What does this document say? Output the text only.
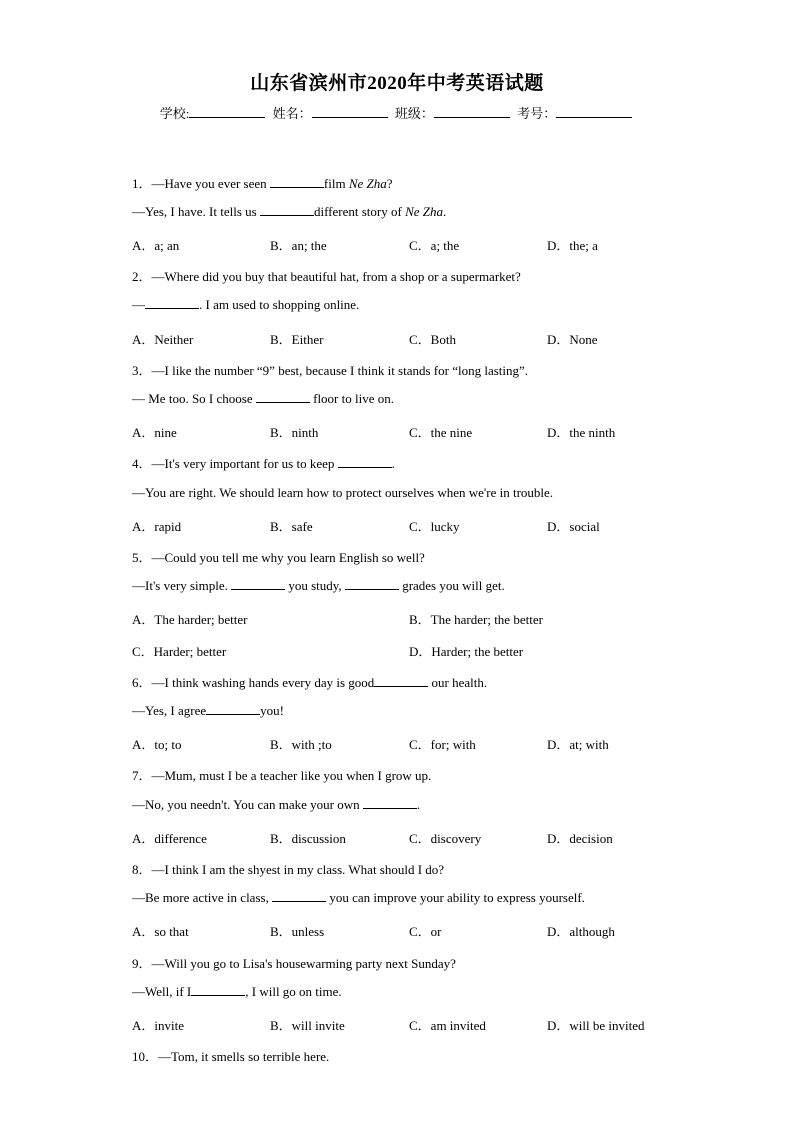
山东省滨州市2020年中考英语试题
学校:	姓名：	班级：	考号：
1．—Have you ever seen	film Ne Zha?
—Yes, I have. It tells us	different story of Ne Zha.
A．a; an	B．an; the	C．a; the	D．the; a
2．—Where did you buy that beautiful hat, from a shop or a supermarket?
—	. I am used to shopping online.
A．Neither	B．Either	C．Both	D．None
3．—I like the number “9” best, because I think it stands for “long lasting”.
— Me too. So I choose	floor to live on.
A．nine	B．ninth	C．the nine	D．the ninth
4．—It's very important for us to keep	.
—You are right. We should learn how to protect ourselves when we're in trouble.
A．rapid	B．safe	C．lucky	D．social
5．—Could you tell me why you learn English so well?
—It's very simple.	you study,	grades you will get.
A．The harder; better	B．The harder; the better
C．Harder; better	D．Harder; the better
6．—I think washing hands every day is good	our health.
—Yes, I agree	you!
A．to; to	B．with ;to	C．for; with	D．at; with
7．—Mum, must I be a teacher like you when I grow up.
—No, you needn't. You can make your own	.
A．difference	B．discussion	C．discovery	D．decision
8．—I think I am the shyest in my class. What should I do?
—Be more active in class,	you can improve your ability to express yourself.
A．so that	B．unless	C．or	D．although
9．—Will you go to Lisa's housewarming party next Sunday?
—Well, if I	, I will go on time.
A．invite	B．will invite	C．am invited	D．will be invited
10．—Tom, it smells so terrible here.
